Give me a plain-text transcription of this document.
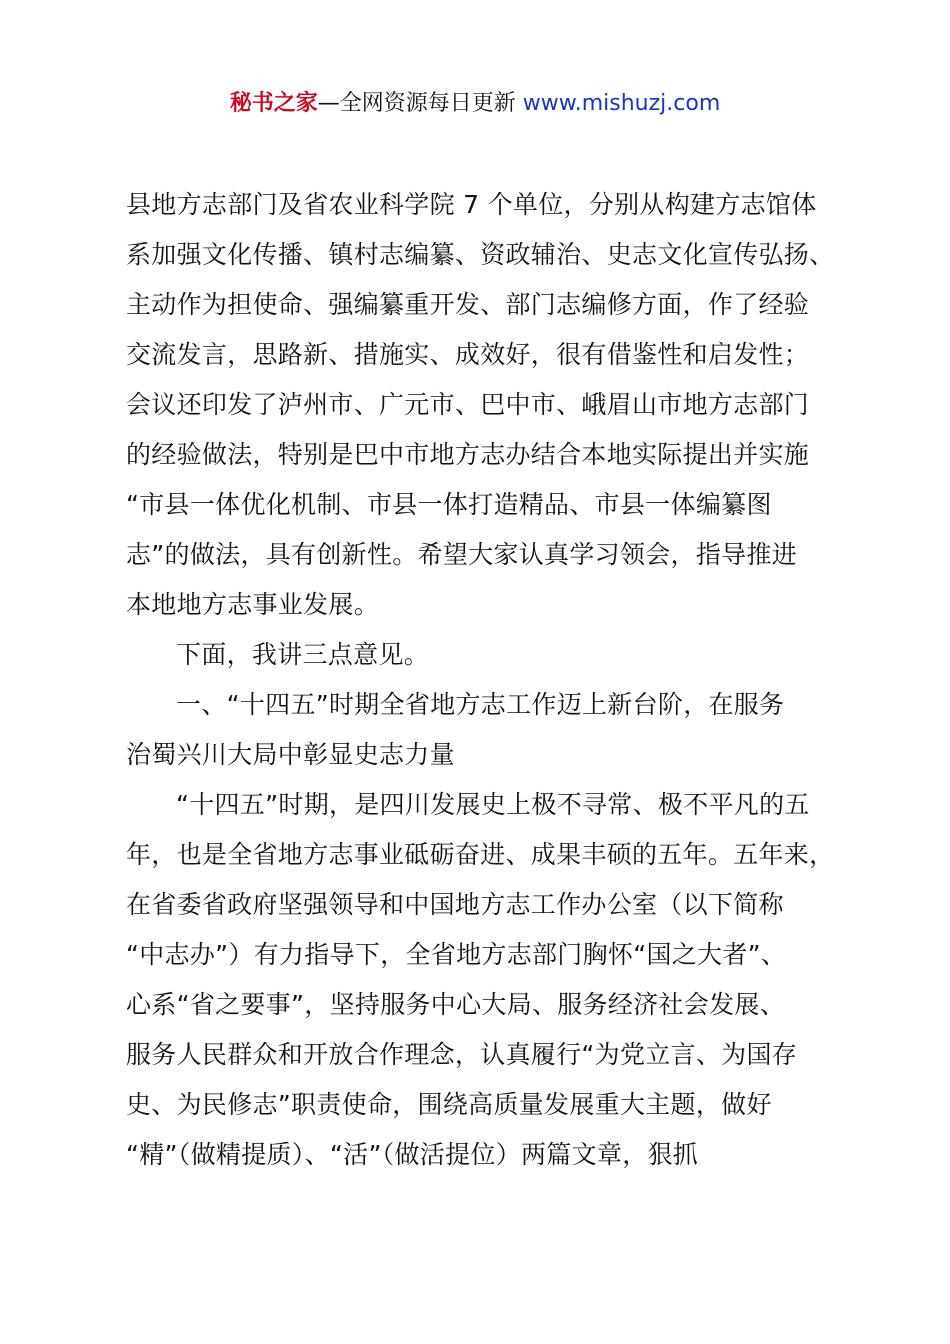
秘书之家—全网资源每日更新 www.mishuzj.com
县地方志部门及省农业科学院 7 个单位，分别从构建方志馆体
系加强文化传播、镇村志编纂、资政辅治、史志文化宣传弘扬、
主动作为担使命、强编纂重开发、部门志编修方面，作了经验
交流发言，思路新、措施实、成效好，很有借鉴性和启发性；
会议还印发了泸州市、广元市、巴中市、峨眉山市地方志部门
的经验做法，特别是巴中市地方志办结合本地实际提出并实施
“市县一体优化机制、市县一体打造精品、市县一体编纂图
志”的做法，具有创新性。希望大家认真学习领会，指导推进
本地地方志事业发展。
下面，我讲三点意见。
一、“十四五”时期全省地方志工作迈上新台阶，在服务
治蜀兴川大局中彰显史志力量
“十四五”时期，是四川发展史上极不寻常、极不平凡的五
年，也是全省地方志事业砥砺奋进、成果丰硕的五年。五年来，
在省委省政府坚强领导和中国地方志工作办公室（以下简称
“中志办”）有力指导下，全省地方志部门胸怀“国之大者”、
心系“省之要事”，坚持服务中心大局、服务经济社会发展、
服务人民群众和开放合作理念，认真履行“为党立言、为国存
史、为民修志”职责使命，围绕高质量发展重大主题，做好
“精”（做精提质）、“活”（做活提位）两篇文章，狠抓
